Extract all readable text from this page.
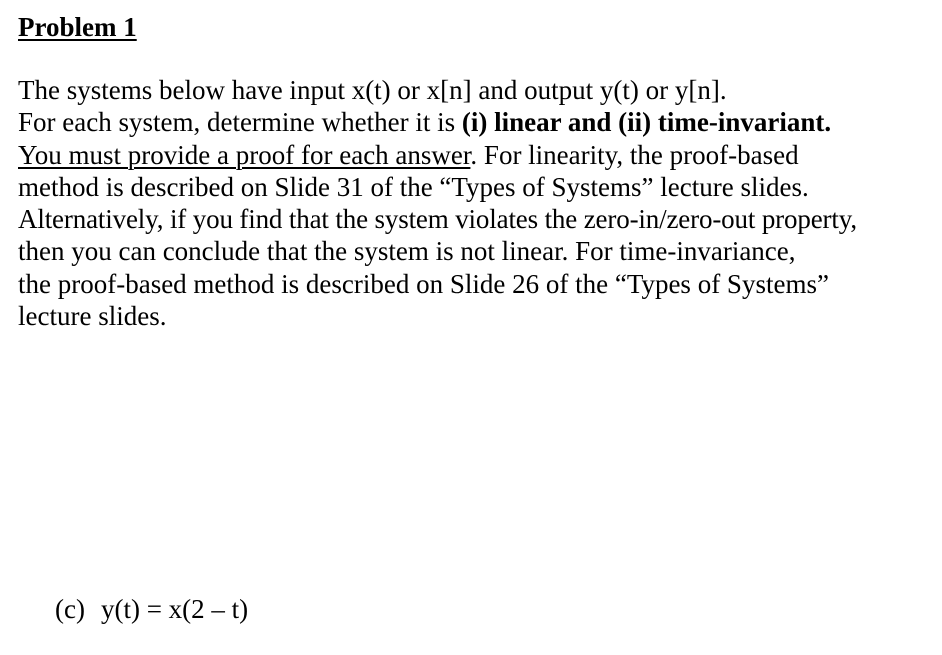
Problem 1
The systems below have input x(t) or x[n] and output y(t) or y[n].
For each system, determine whether it is (i) linear and (ii) time-invariant.
You must provide a proof for each answer. For linearity, the proof-based
method is described on Slide 31 of the “Types of Systems” lecture slides.
Alternatively, if you find that the system violates the zero-in/zero-out property,
then you can conclude that the system is not linear. For time-invariance,
the proof-based method is described on Slide 26 of the “Types of Systems”
lecture slides.
(c) y(t) = x(2 – t)
